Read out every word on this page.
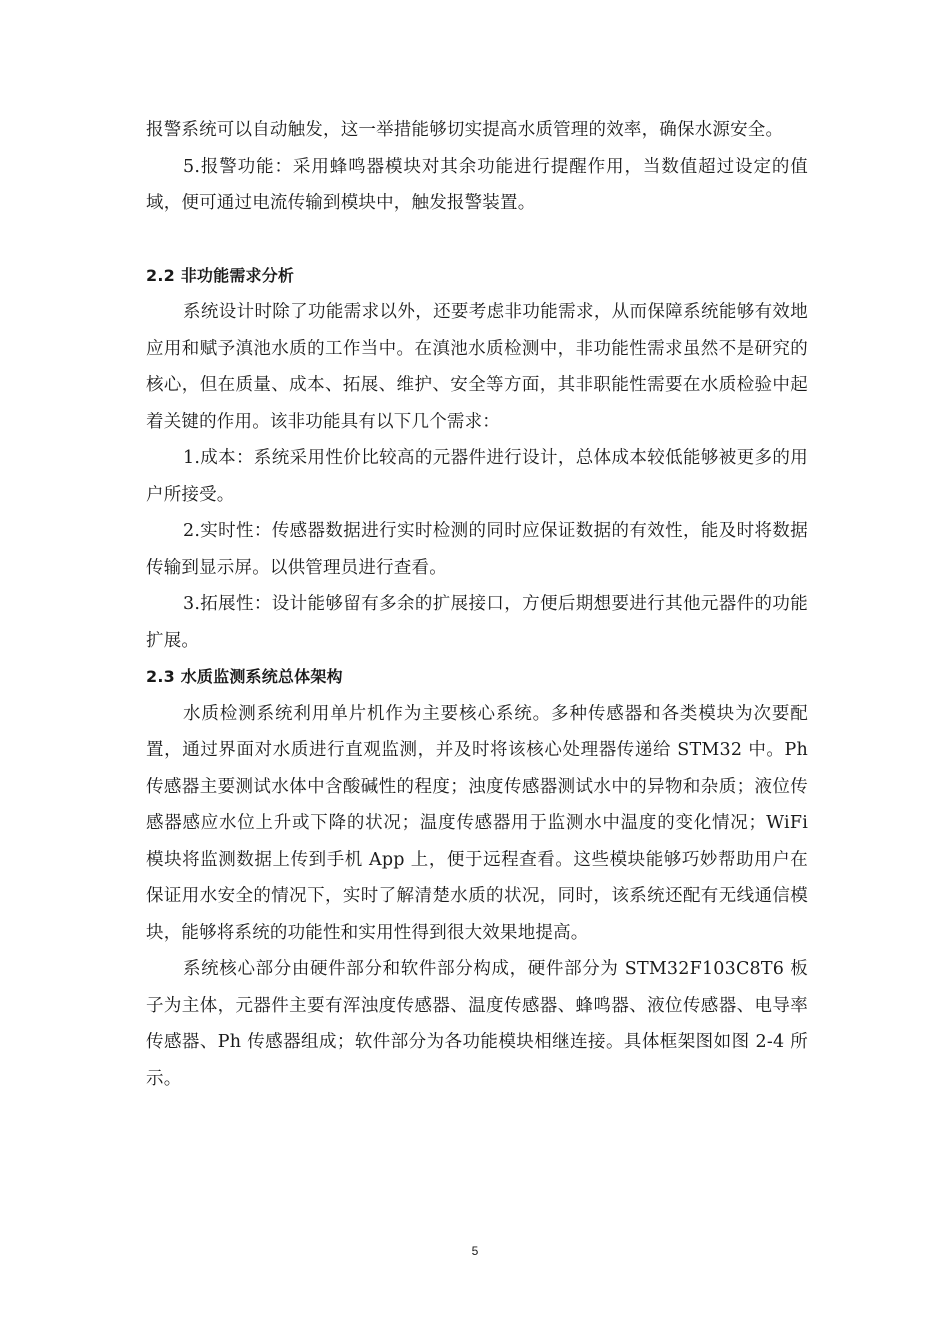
报警系统可以自动触发，这一举措能够切实提高水质管理的效率，确保水源安全。

5.报警功能：采用蜂鸣器模块对其余功能进行提醒作用，当数值超过设定的值域，便可通过电流传输到模块中，触发报警装置。

2.2 非功能需求分析

系统设计时除了功能需求以外，还要考虑非功能需求，从而保障系统能够有效地应用和赋予滇池水质的工作当中。在滇池水质检测中，非功能性需求虽然不是研究的核心，但在质量、成本、拓展、维护、安全等方面，其非职能性需要在水质检验中起着关键的作用。该非功能具有以下几个需求：

1.成本：系统采用性价比较高的元器件进行设计，总体成本较低能够被更多的用户所接受。

2.实时性：传感器数据进行实时检测的同时应保证数据的有效性，能及时将数据传输到显示屏。以供管理员进行查看。

3.拓展性：设计能够留有多余的扩展接口，方便后期想要进行其他元器件的功能扩展。

2.3 水质监测系统总体架构

水质检测系统利用单片机作为主要核心系统。多种传感器和各类模块为次要配置，通过界面对水质进行直观监测，并及时将该核心处理器传递给 STM32 中。Ph 传感器主要测试水体中含酸碱性的程度；浊度传感器测试水中的异物和杂质；液位传感器感应水位上升或下降的状况；温度传感器用于监测水中温度的变化情况；WiFi 模块将监测数据上传到手机 App 上，便于远程查看。这些模块能够巧妙帮助用户在保证用水安全的情况下，实时了解清楚水质的状况，同时，该系统还配有无线通信模块，能够将系统的功能性和实用性得到很大效果地提高。

系统核心部分由硬件部分和软件部分构成，硬件部分为 STM32F103C8T6 板子为主体，元器件主要有浑浊度传感器、温度传感器、蜂鸣器、液位传感器、电导率传感器、Ph 传感器组成；软件部分为各功能模块相继连接。具体框架图如图 2-4 所示。

5
